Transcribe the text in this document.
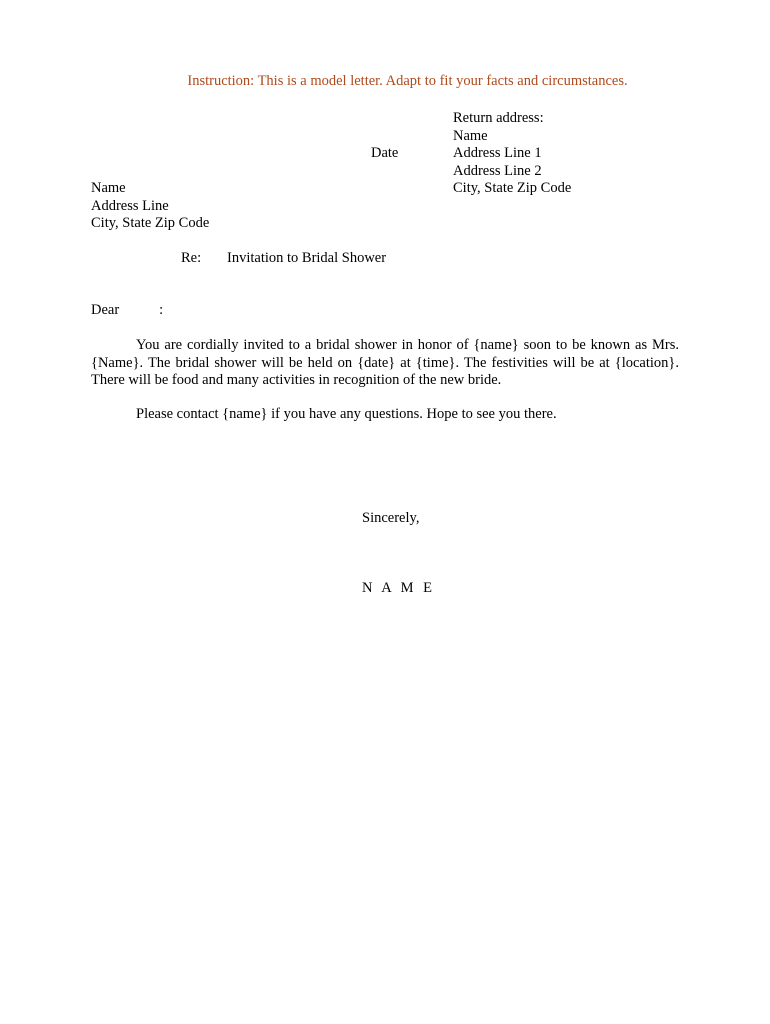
Instruction: This is a model letter. Adapt to fit your facts and circumstances.
Return address:
Name
Address Line 1
Address Line 2
City, State Zip Code
Date
Name
Address Line
City, State Zip Code
Re: Invitation to Bridal Shower
Dear	:
You are cordially invited to a bridal shower in honor of {name} soon to be known as Mrs. {Name}. The bridal shower will be held on {date} at {time}. The festivities will be at {location}. There will be food and many activities in recognition of the new bride.
Please contact {name} if you have any questions. Hope to see you there.
Sincerely,
N A M E
